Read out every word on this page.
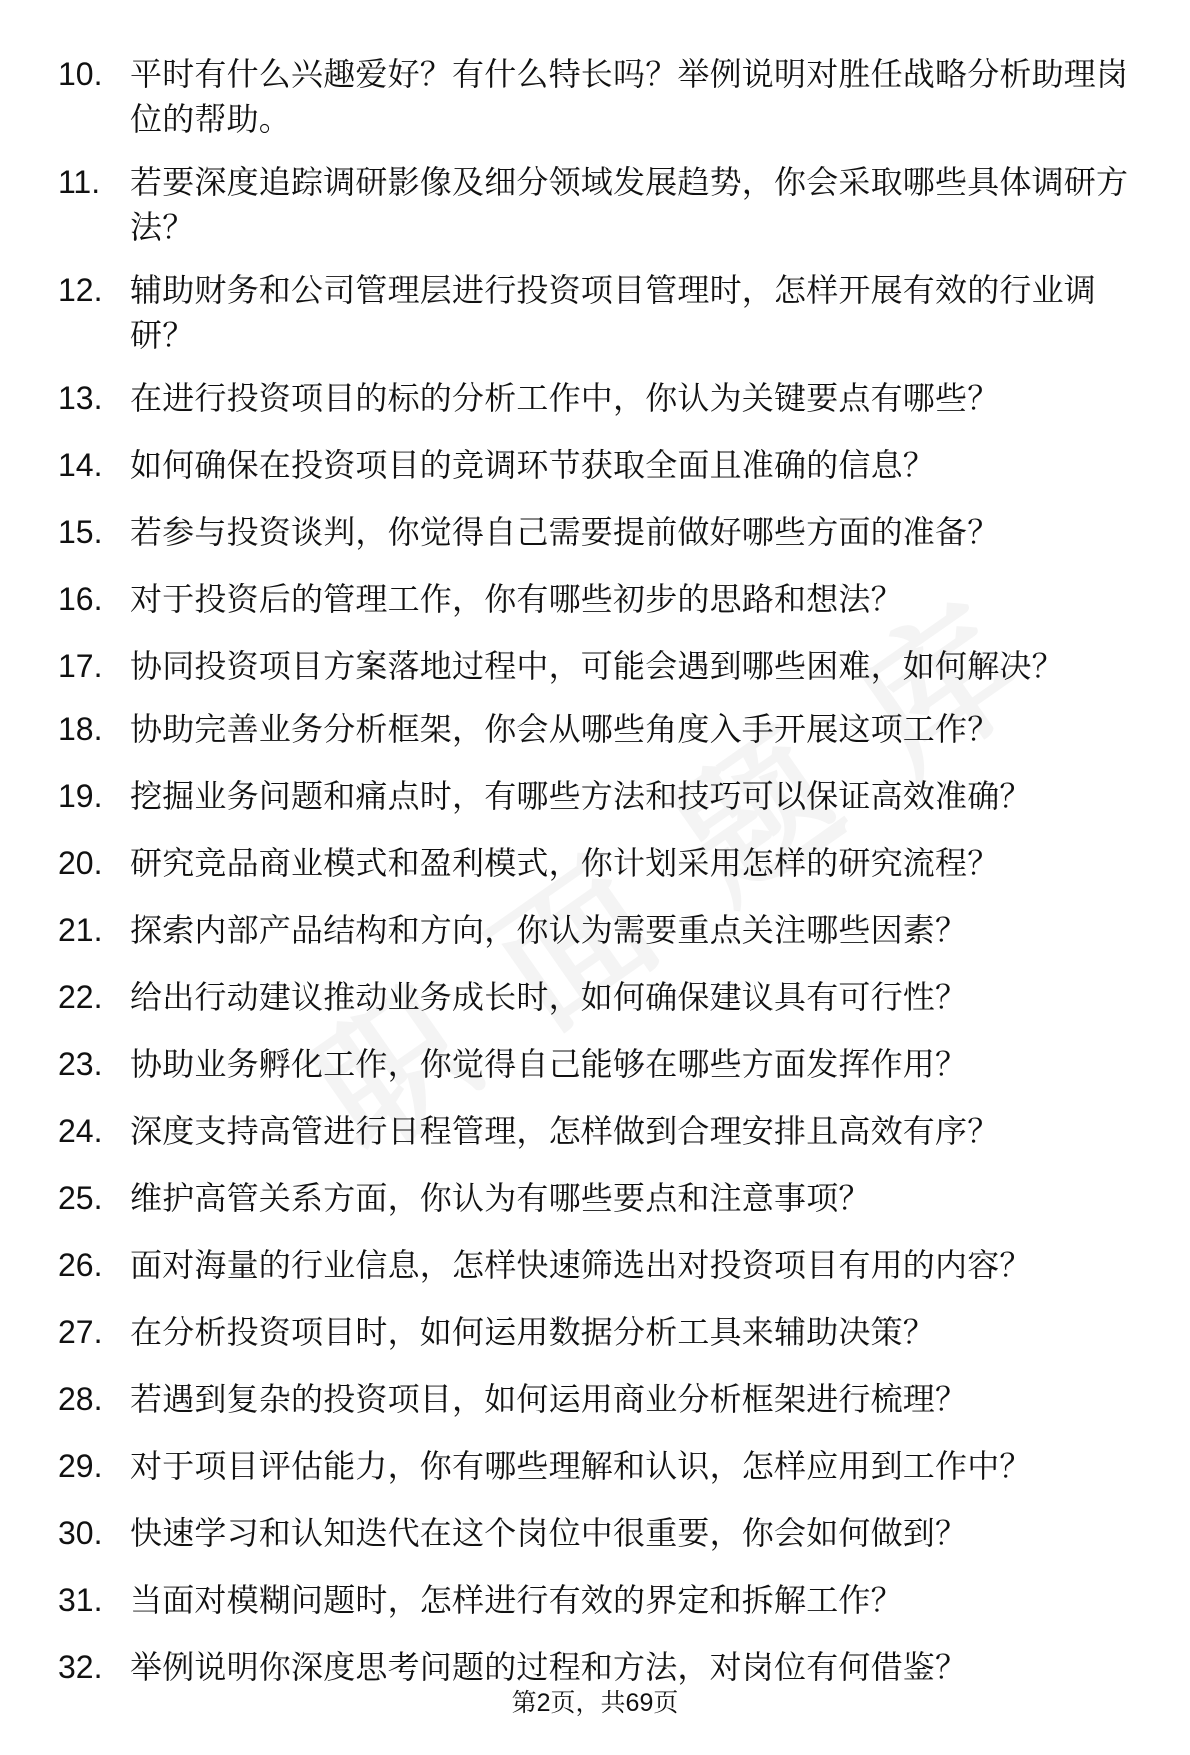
10. 平时有什么兴趣爱好？有什么特长吗？举例说明对胜任战略分析助理岗位的帮助。
11. 若要深度追踪调研影像及细分领域发展趋势，你会采取哪些具体调研方法？
12. 辅助财务和公司管理层进行投资项目管理时，怎样开展有效的行业调研？
13. 在进行投资项目的标的分析工作中，你认为关键要点有哪些？
14. 如何确保在投资项目的竞调环节获取全面且准确的信息？
15. 若参与投资谈判，你觉得自己需要提前做好哪些方面的准备？
16. 对于投资后的管理工作，你有哪些初步的思路和想法？
17. 协同投资项目方案落地过程中，可能会遇到哪些困难，如何解决？
18. 协助完善业务分析框架，你会从哪些角度入手开展这项工作？
19. 挖掘业务问题和痛点时，有哪些方法和技巧可以保证高效准确？
20. 研究竞品商业模式和盈利模式，你计划采用怎样的研究流程？
21. 探索内部产品结构和方向，你认为需要重点关注哪些因素？
22. 给出行动建议推动业务成长时，如何确保建议具有可行性？
23. 协助业务孵化工作，你觉得自己能够在哪些方面发挥作用？
24. 深度支持高管进行日程管理，怎样做到合理安排且高效有序？
25. 维护高管关系方面，你认为有哪些要点和注意事项？
26. 面对海量的行业信息，怎样快速筛选出对投资项目有用的内容？
27. 在分析投资项目时，如何运用数据分析工具来辅助决策？
28. 若遇到复杂的投资项目，如何运用商业分析框架进行梳理？
29. 对于项目评估能力，你有哪些理解和认识，怎样应用到工作中？
30. 快速学习和认知迭代在这个岗位中很重要，你会如何做到？
31. 当面对模糊问题时，怎样进行有效的界定和拆解工作？
32. 举例说明你深度思考问题的过程和方法，对岗位有何借鉴？
第2页，共69页
